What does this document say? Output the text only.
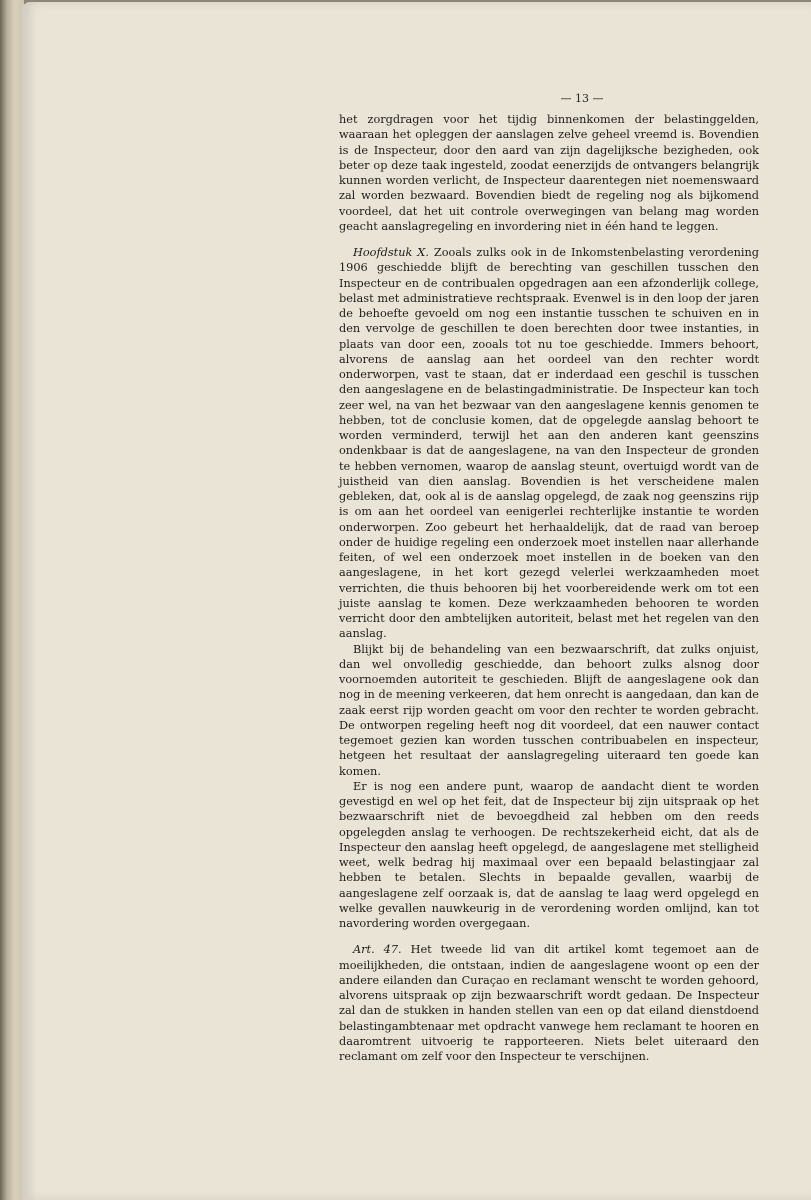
— 13 —

het zorgdragen voor het tijdig binnenkomen der belastinggelden, waaraan het opleggen der aanslagen zelve geheel vreemd is. Bovendien is de Inspecteur, door den aard van zijn dagelijksche bezigheden, ook beter op deze taak ingesteld, zoodat eenerzijds de ontvangers belangrijk kunnen worden verlicht, de Inspecteur daarentegen niet noemenswaard zal worden bezwaard. Bovendien biedt de regeling nog als bijkomend voordeel, dat het uit controle overwegingen van belang mag worden geacht aanslagregeling en invordering niet in één hand te leggen.

Hoofdstuk X. Zooals zulks ook in de Inkomstenbelasting verordening 1906 geschiedde blijft de berechting van geschillen tusschen den Inspecteur en de contribualen opgedragen aan een afzonderlijk college, belast met administratieve rechtspraak. Evenwel is in den loop der jaren de behoefte gevoeld om nog een instantie tusschen te schuiven en in den vervolge de geschillen te doen berechten door twee instanties, in plaats van door een, zooals tot nu toe geschiedde. Immers behoort, alvorens de aanslag aan het oordeel van den rechter wordt onderworpen, vast te staan, dat er inderdaad een geschil is tusschen den aangeslagene en de belastingadministratie. De Inspecteur kan toch zeer wel, na van het bezwaar van den aangeslagene kennis genomen te hebben, tot de conclusie komen, dat de opgelegde aanslag behoort te worden verminderd, terwijl het aan den anderen kant geenszins ondenkbaar is dat de aangeslagene, na van den Inspecteur de gronden te hebben vernomen, waarop de aanslag steunt, overtuigd wordt van de juistheid van dien aanslag. Bovendien is het verscheidene malen gebleken, dat, ook al is de aanslag opgelegd, de zaak nog geenszins rijp is om aan het oordeel van eenigerlei rechterlijke instantie te worden onderworpen. Zoo gebeurt het herhaaldelijk, dat de raad van beroep onder de huidige regeling een onderzoek moet instellen naar allerhande feiten, of wel een onderzoek moet instellen in de boeken van den aangeslagene, in het kort gezegd velerlei werkzaamheden moet verrichten, die thuis behooren bij het voorbereidende werk om tot een juiste aanslag te komen. Deze werkzaamheden behooren te worden verricht door den ambtelijken autoriteit, belast met het regelen van den aanslag.

Blijkt bij de behandeling van een bezwaarschrift, dat zulks onjuist, dan wel onvolledig geschiedde, dan behoort zulks alsnog door voornoemden autoriteit te geschieden. Blijft de aangeslagene ook dan nog in de meening verkeeren, dat hem onrecht is aangedaan, dan kan de zaak eerst rijp worden geacht om voor den rechter te worden gebracht. De ontworpen regeling heeft nog dit voordeel, dat een nauwer contact tegemoet gezien kan worden tusschen contribuabelen en inspecteur, hetgeen het resultaat der aanslagregeling uiteraard ten goede kan komen.

Er is nog een andere punt, waarop de aandacht dient te worden gevestigd en wel op het feit, dat de Inspecteur bij zijn uitspraak op het bezwaarschrift niet de bevoegdheid zal hebben om den reeds opgelegden anslag te verhoogen. De rechtszekerheid eicht, dat als de Inspecteur den aanslag heeft opgelegd, de aangeslagene met stelligheid weet, welk bedrag hij maximaal over een bepaald belastingjaar zal hebben te betalen. Slechts in bepaalde gevallen, waarbij de aangeslagene zelf oorzaak is, dat de aanslag te laag werd opgelegd en welke gevallen nauwkeurig in de verordening worden omlijnd, kan tot navordering worden overgegaan.

Art. 47. Het tweede lid van dit artikel komt tegemoet aan de moeilijkheden, die ontstaan, indien de aangeslagene woont op een der andere eilanden dan Curaçao en reclamant wenscht te worden gehoord, alvorens uitspraak op zijn bezwaarschrift wordt gedaan. De Inspecteur zal dan de stukken in handen stellen van een op dat eiland dienstdoend belastingambtenaar met opdracht vanwege hem reclamant te hooren en daaromtrent uitvoerig te rapporteeren. Niets belet uiteraard den reclamant om zelf voor den Inspecteur te verschijnen.
